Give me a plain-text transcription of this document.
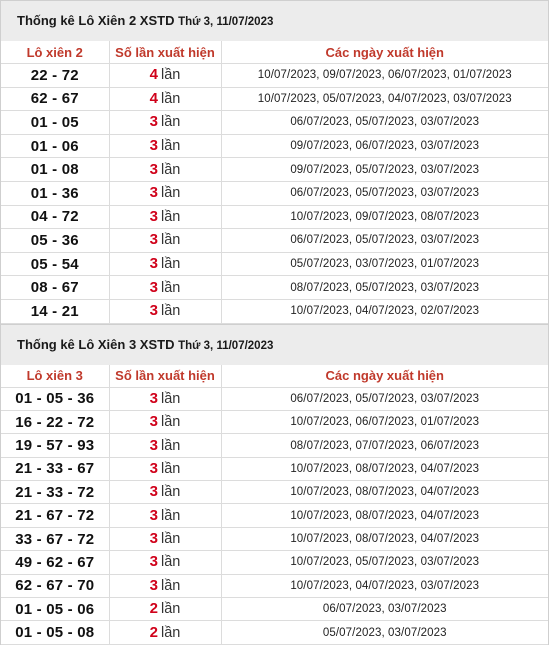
Thống kê Lô Xiên 2 XSTD Thứ 3, 11/07/2023
Lô xiên 2	Số lần xuất hiện	Các ngày xuất hiện
22 - 72	4 lần	10/07/2023, 09/07/2023, 06/07/2023, 01/07/2023
62 - 67	4 lần	10/07/2023, 05/07/2023, 04/07/2023, 03/07/2023
01 - 05	3 lần	06/07/2023, 05/07/2023, 03/07/2023
01 - 06	3 lần	09/07/2023, 06/07/2023, 03/07/2023
01 - 08	3 lần	09/07/2023, 05/07/2023, 03/07/2023
01 - 36	3 lần	06/07/2023, 05/07/2023, 03/07/2023
04 - 72	3 lần	10/07/2023, 09/07/2023, 08/07/2023
05 - 36	3 lần	06/07/2023, 05/07/2023, 03/07/2023
05 - 54	3 lần	05/07/2023, 03/07/2023, 01/07/2023
08 - 67	3 lần	08/07/2023, 05/07/2023, 03/07/2023
14 - 21	3 lần	10/07/2023, 04/07/2023, 02/07/2023
Thống kê Lô Xiên 3 XSTD Thứ 3, 11/07/2023
Lô xiên 3	Số lần xuất hiện	Các ngày xuất hiện
01 - 05 - 36	3 lần	06/07/2023, 05/07/2023, 03/07/2023
16 - 22 - 72	3 lần	10/07/2023, 06/07/2023, 01/07/2023
19 - 57 - 93	3 lần	08/07/2023, 07/07/2023, 06/07/2023
21 - 33 - 67	3 lần	10/07/2023, 08/07/2023, 04/07/2023
21 - 33 - 72	3 lần	10/07/2023, 08/07/2023, 04/07/2023
21 - 67 - 72	3 lần	10/07/2023, 08/07/2023, 04/07/2023
33 - 67 - 72	3 lần	10/07/2023, 08/07/2023, 04/07/2023
49 - 62 - 67	3 lần	10/07/2023, 05/07/2023, 03/07/2023
62 - 67 - 70	3 lần	10/07/2023, 04/07/2023, 03/07/2023
01 - 05 - 06	2 lần	06/07/2023, 03/07/2023
01 - 05 - 08	2 lần	05/07/2023, 03/07/2023
